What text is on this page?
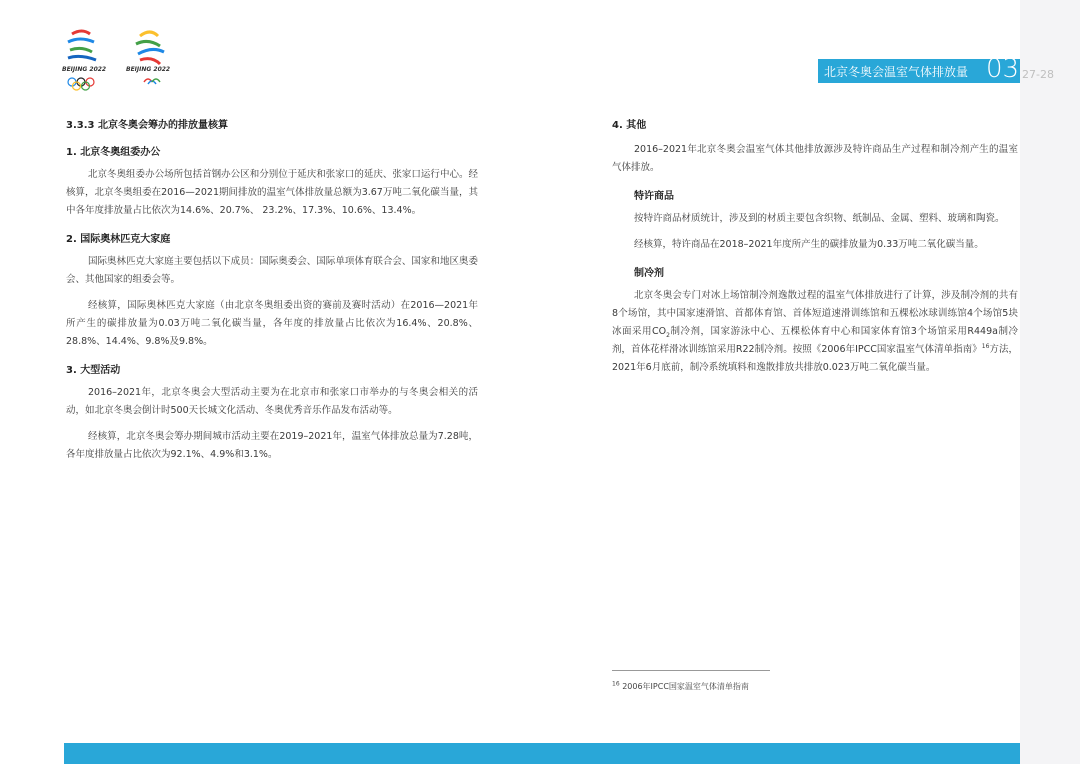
BEIJING 2022	BEIJING 2022	北京冬奥会温室气体排放量 03 27-28
3.3.3 北京冬奥会筹办的排放量核算
1. 北京冬奥组委办公

北京冬奥组委办公场所包括首钢办公区和分别位于延庆和张家口的延庆、张家口运行中心。经核算，北京冬奥组委在2016—2021期间排放的温室气体排放量总额为3.67万吨二氧化碳当量，其中各年度排放量占比依次为14.6%、20.7%、 23.2%、17.3%、10.6%、13.4%。

2. 国际奥林匹克大家庭

国际奥林匹克大家庭主要包括以下成员：国际奥委会、国际单项体育联合会、国家和地区奥委会、其他国家的组委会等。

经核算，国际奥林匹克大家庭（由北京冬奥组委出资的赛前及赛时活动）在2016—2021年所产生的碳排放量为0.03万吨二氧化碳当量，各年度的排放量占比依次为16.4%、20.8%、 28.8%、14.4%、9.8%及9.8%。

3. 大型活动

2016–2021年，北京冬奥会大型活动主要为在北京市和张家口市举办的与冬奥会相关的活动，如北京冬奥会倒计时500天长城文化活动、冬奥优秀音乐作品发布活动等。

经核算，北京冬奥会筹办期间城市活动主要在2019–2021年，温室气体排放总量为7.28吨，各年度排放量占比依次为92.1%、4.9%和3.1%。

4. 其他

2016–2021年北京冬奥会温室气体其他排放源涉及特许商品生产过程和制冷剂产生的温室气体排放。

特许商品

按特许商品材质统计，涉及到的材质主要包含织物、纸制品、金属、塑料、玻璃和陶瓷。

经核算，特许商品在2018–2021年度所产生的碳排放量为0.33万吨二氧化碳当量。

制冷剂

北京冬奥会专门对冰上场馆制冷剂逸散过程的温室气体排放进行了计算，涉及制冷剂的共有8个场馆，其中国家速滑馆、首都体育馆、首体短道速滑训练馆和五棵松冰球训练馆4个场馆5块冰面采用$CO_2$制冷剂，国家游泳中心、五棵松体育中心和国家体育馆3个场馆采用R449a制冷剂，首体花样滑冰训练馆采用R22制冷剂。按照《2006年IPCC国家温室气体清单指南》$^{16}$方法，2021年6月底前，制冷系统填料和逸散排放共排放0.023万吨二氧化碳当量。

$^{16}$ 2006年IPCC国家温室气体清单指南
